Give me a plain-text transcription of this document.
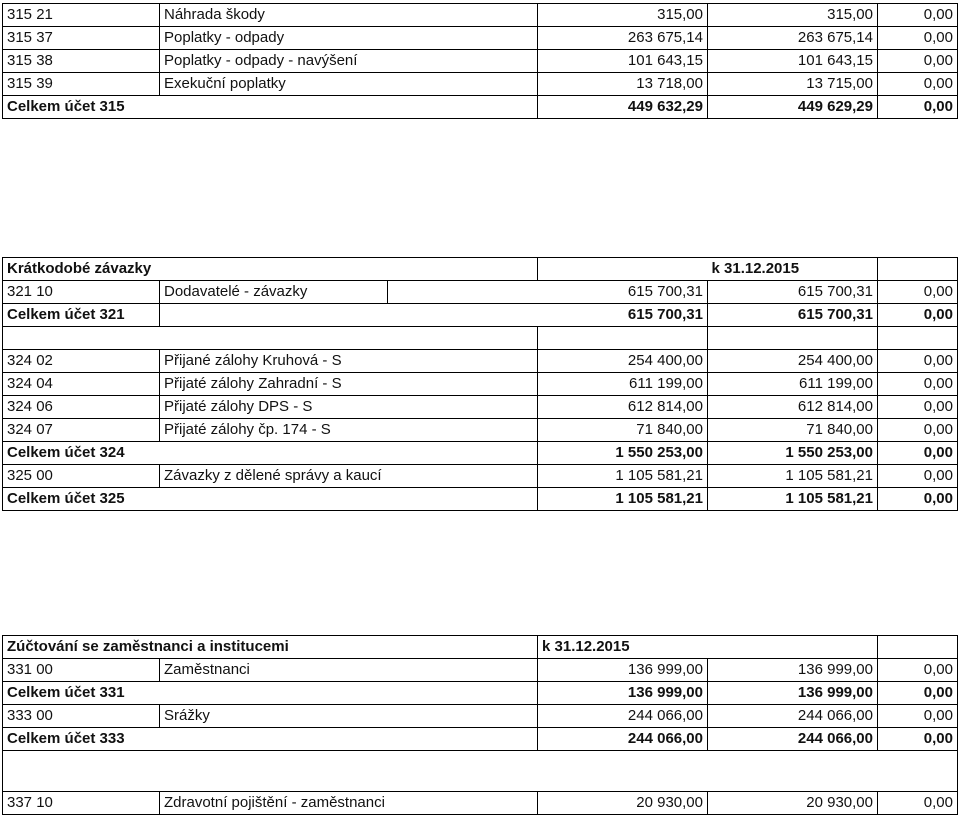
315 21	Náhrada škody	315,00	315,00	0,00
315 37	Poplatky - odpady	263 675,14	263 675,14	0,00
315 38	Poplatky - odpady - navýšení	101 643,15	101 643,15	0,00
315 39	Exekuční poplatky	13 718,00	13 715,00	0,00
Celkem účet 315		449 632,29	449 629,29	0,00
Krátkodobé závazky				k 31.12.2015	
321 10	Dodavatelé - závazky		615 700,31	615 700,31	0,00
Celkem účet 321			615 700,31	615 700,31	0,00

324 02	Přijané zálohy Kruhová - S		254 400,00	254 400,00	0,00
324 04	Přijaté zálohy Zahradní - S		611 199,00	611 199,00	0,00
324 06	Přijaté zálohy DPS - S		612 814,00	612 814,00	0,00
324 07	Přijaté zálohy čp. 174 - S		71 840,00	71 840,00	0,00
Celkem účet 324			1 550 253,00	1 550 253,00	0,00
325 00	Závazky z dělené správy a kaucí		1 105 581,21	1 105 581,21	0,00
Celkem účet 325			1 105 581,21	1 105 581,21	0,00
Zúčtování se zaměstnanci a institucemi		k 31.12.2015		
331 00	Zaměstnanci	136 999,00	136 999,00	0,00
Celkem účet 331		136 999,00	136 999,00	0,00
333 00	Srážky	244 066,00	244 066,00	0,00
Celkem účet 333		244 066,00	244 066,00	0,00

337 10	Zdravotní pojištění - zaměstnanci	20 930,00	20 930,00	0,00
